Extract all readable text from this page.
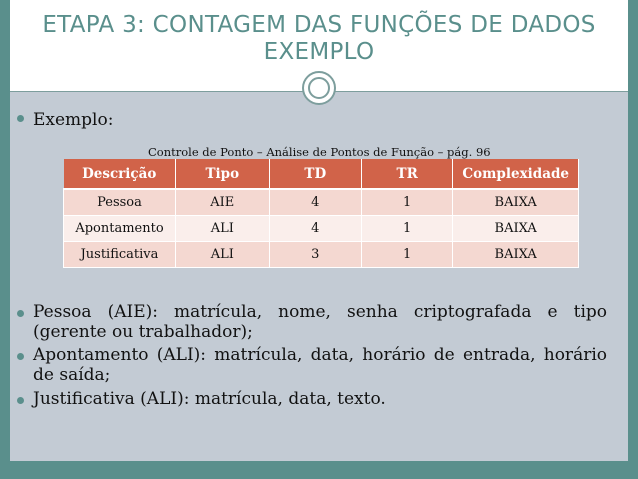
ETAPA 3: CONTAGEM DAS FUNÇÕES DE DADOS
EXEMPLO
Exemplo:
Controle de Ponto – Análise de Pontos de Função – pág. 96
Descrição	Tipo	TD	TR	Complexidade
Pessoa	AIE	4	1	BAIXA
Apontamento	ALI	4	1	BAIXA
Justificativa	ALI	3	1	BAIXA
Pessoa (AIE): matrícula, nome, senha criptografada e tipo (gerente ou trabalhador);
Apontamento (ALI): matrícula, data, horário de entrada, horário de saída;
Justificativa (ALI): matrícula, data, texto.
